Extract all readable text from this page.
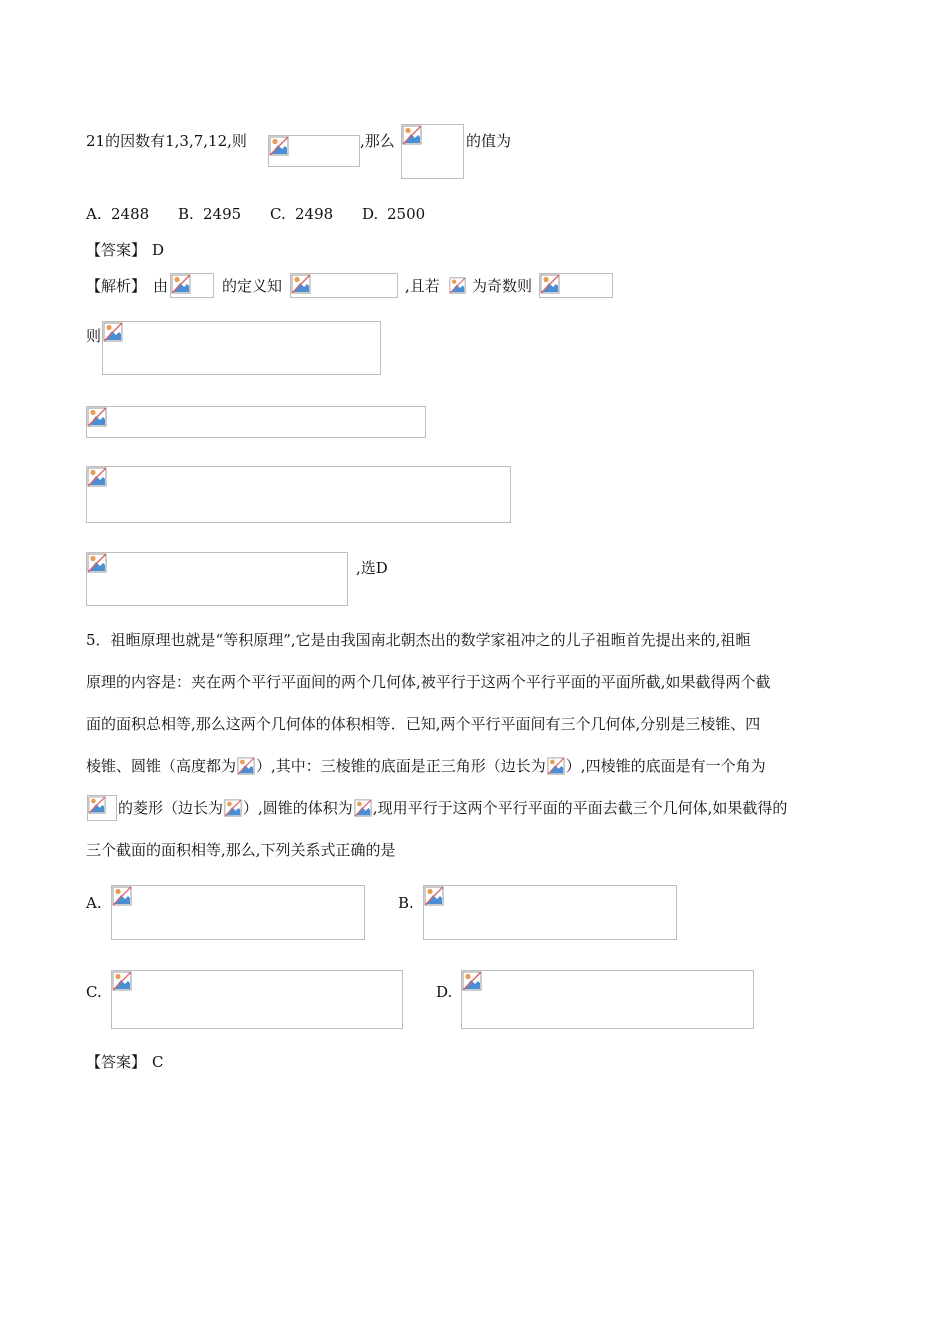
21的因数有1,3,7,12,则	,那么	的值为
A. 2488 B. 2495 C. 2498 D. 2500
【答案】 D
【解析】 由	的定义知	,且若 为奇数则
则
,选D
5．祖暅原理也就是“等积原理”,它是由我国南北朝杰出的数学家祖冲之的儿子祖暅首先提出来的,祖暅
原理的内容是：夹在两个平行平面间的两个几何体,被平行于这两个平行平面的平面所截,如果截得两个截
面的面积总相等,那么这两个几何体的体积相等．已知,两个平行平面间有三个几何体,分别是三棱锥、四
棱锥、圆锥（高度都为 ）,其中：三棱锥的底面是正三角形（边长为 ）,四棱锥的底面是有一个角为
的菱形（边长为 ）,圆锥的体积为 ,现用平行于这两个平行平面的平面去截三个几何体,如果截得的
三个截面的面积相等,那么,下列关系式正确的是
A.	B.
C.	D.
【答案】 C
